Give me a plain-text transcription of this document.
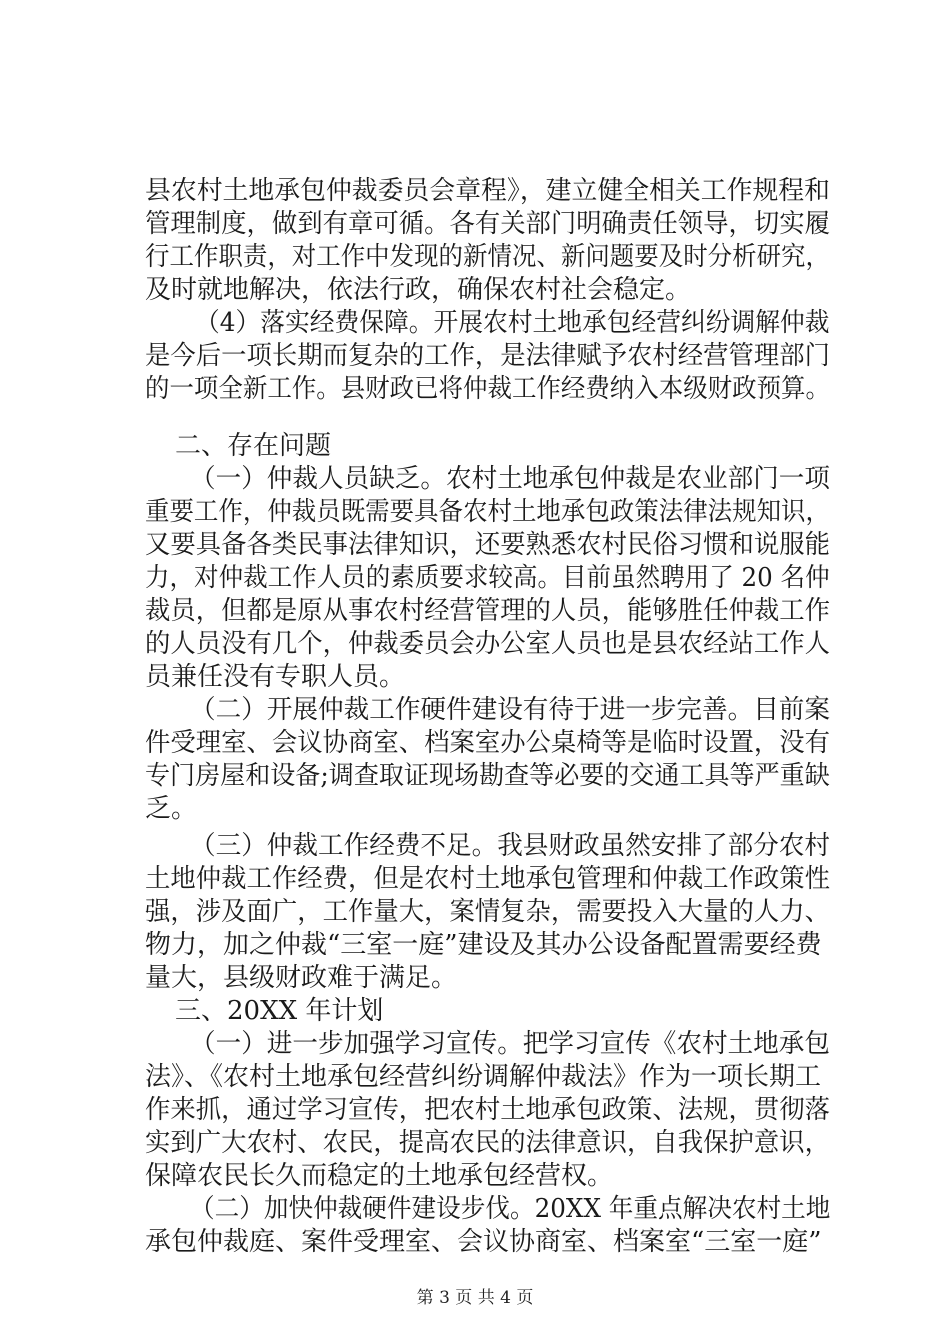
县农村土地承包仲裁委员会章程》，建立健全相关工作规程和
管理制度，做到有章可循。各有关部门明确责任领导，切实履
行工作职责，对工作中发现的新情况、新问题要及时分析研究，
及时就地解决，依法行政，确保农村社会稳定。
（4）落实经费保障。开展农村土地承包经营纠纷调解仲裁
是今后一项长期而复杂的工作，是法律赋予农村经营管理部门
的一项全新工作。县财政已将仲裁工作经费纳入本级财政预算。
二、存在问题
（一）仲裁人员缺乏。农村土地承包仲裁是农业部门一项
重要工作，仲裁员既需要具备农村土地承包政策法律法规知识，
又要具备各类民事法律知识，还要熟悉农村民俗习惯和说服能
力，对仲裁工作人员的素质要求较高。目前虽然聘用了 20 名仲
裁员，但都是原从事农村经营管理的人员，能够胜任仲裁工作
的人员没有几个，仲裁委员会办公室人员也是县农经站工作人
员兼任没有专职人员。
（二）开展仲裁工作硬件建设有待于进一步完善。目前案
件受理室、会议协商室、档案室办公桌椅等是临时设置，没有
专门房屋和设备;调查取证现场勘查等必要的交通工具等严重缺
乏。
（三）仲裁工作经费不足。我县财政虽然安排了部分农村
土地仲裁工作经费，但是农村土地承包管理和仲裁工作政策性
强，涉及面广，工作量大，案情复杂，需要投入大量的人力、
物力，加之仲裁“三室一庭”建设及其办公设备配置需要经费
量大，县级财政难于满足。
三、20XX 年计划
（一）进一步加强学习宣传。把学习宣传《农村土地承包
法》、《农村土地承包经营纠纷调解仲裁法》作为一项长期工
作来抓，通过学习宣传，把农村土地承包政策、法规，贯彻落
实到广大农村、农民，提高农民的法律意识，自我保护意识，
保障农民长久而稳定的土地承包经营权。
（二）加快仲裁硬件建设步伐。20XX 年重点解决农村土地
承包仲裁庭、案件受理室、会议协商室、档案室“三室一庭”
第 3 页 共 4 页
